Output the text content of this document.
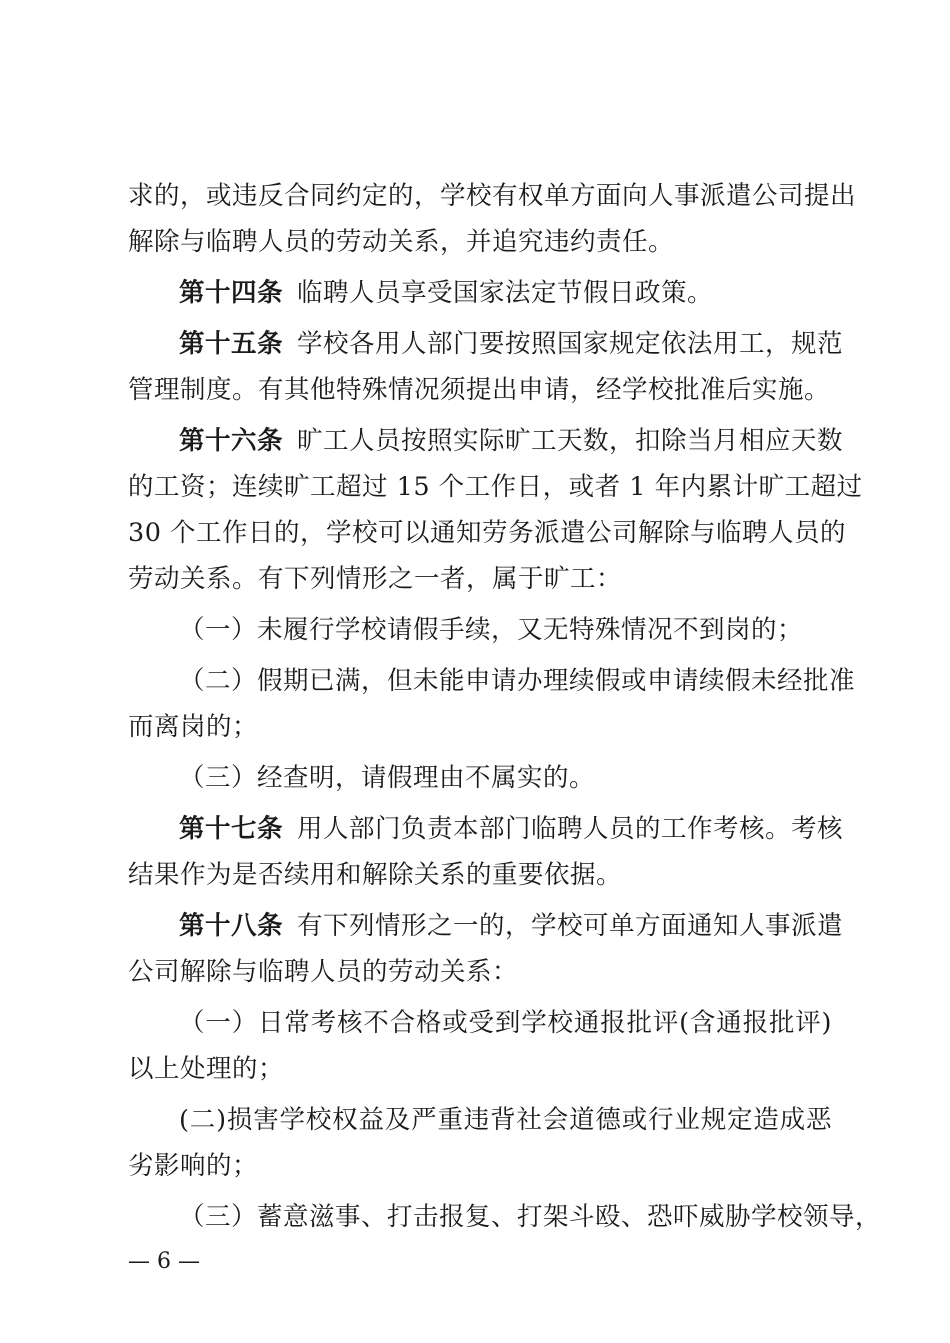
求的，或违反合同约定的，学校有权单方面向人事派遣公司提出

解除与临聘人员的劳动关系，并追究违约责任。

第十四条 临聘人员享受国家法定节假日政策。

第十五条 学校各用人部门要按照国家规定依法用工，规范

管理制度。有其他特殊情况须提出申请，经学校批准后实施。

第十六条 旷工人员按照实际旷工天数，扣除当月相应天数

的工资；连续旷工超过 15 个工作日，或者 1 年内累计旷工超过

30 个工作日的，学校可以通知劳务派遣公司解除与临聘人员的

劳动关系。有下列情形之一者，属于旷工：

（一）未履行学校请假手续，又无特殊情况不到岗的；

（二）假期已满，但未能申请办理续假或申请续假未经批准

而离岗的；

（三）经查明，请假理由不属实的。

第十七条 用人部门负责本部门临聘人员的工作考核。考核

结果作为是否续用和解除关系的重要依据。

第十八条 有下列情形之一的，学校可单方面通知人事派遣

公司解除与临聘人员的劳动关系：

（一）日常考核不合格或受到学校通报批评(含通报批评)

以上处理的；

(二)损害学校权益及严重违背社会道德或行业规定造成恶

劣影响的；

（三）蓄意滋事、打击报复、打架斗殴、恐吓威胁学校领导，

— 6 —
